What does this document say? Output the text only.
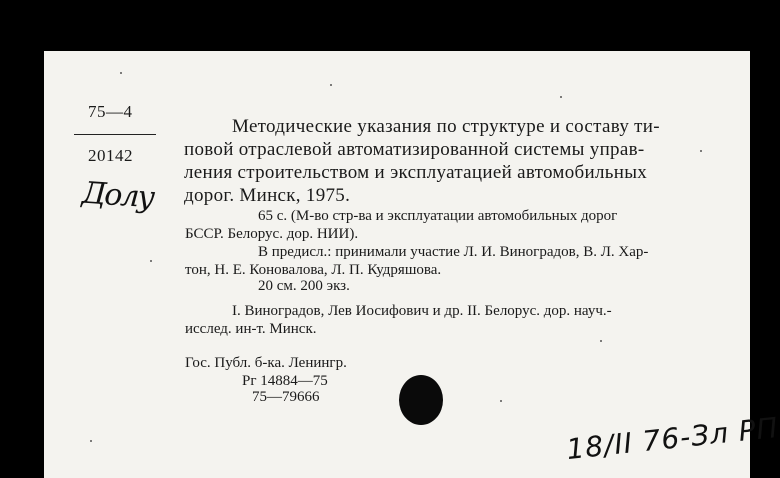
75—4
20142
Долу
Методические указания по структуре и составу ти-
повой отраслевой автоматизированной системы управ-
ления строительством и эксплуатацией автомобильных
дорог. Минск, 1975.
65 с. (М-во стр-ва и эксплуатации автомобильных дорог
БССР. Белорус. дор. НИИ).
В предисл.: принимали участие Л. И. Виноградов, В. Л. Хар-
тон, Н. Е. Коновалова, Л. П. Кудряшова.
20 см. 200 экз.
I. Виноградов, Лев Иосифович и др. II. Белорус. дор. науч.-
исслед. ин-т. Минск.
Гос. Публ. б-ка. Ленингр.
Рг 14884—75
75—79666
18/II 76-Зл РП
